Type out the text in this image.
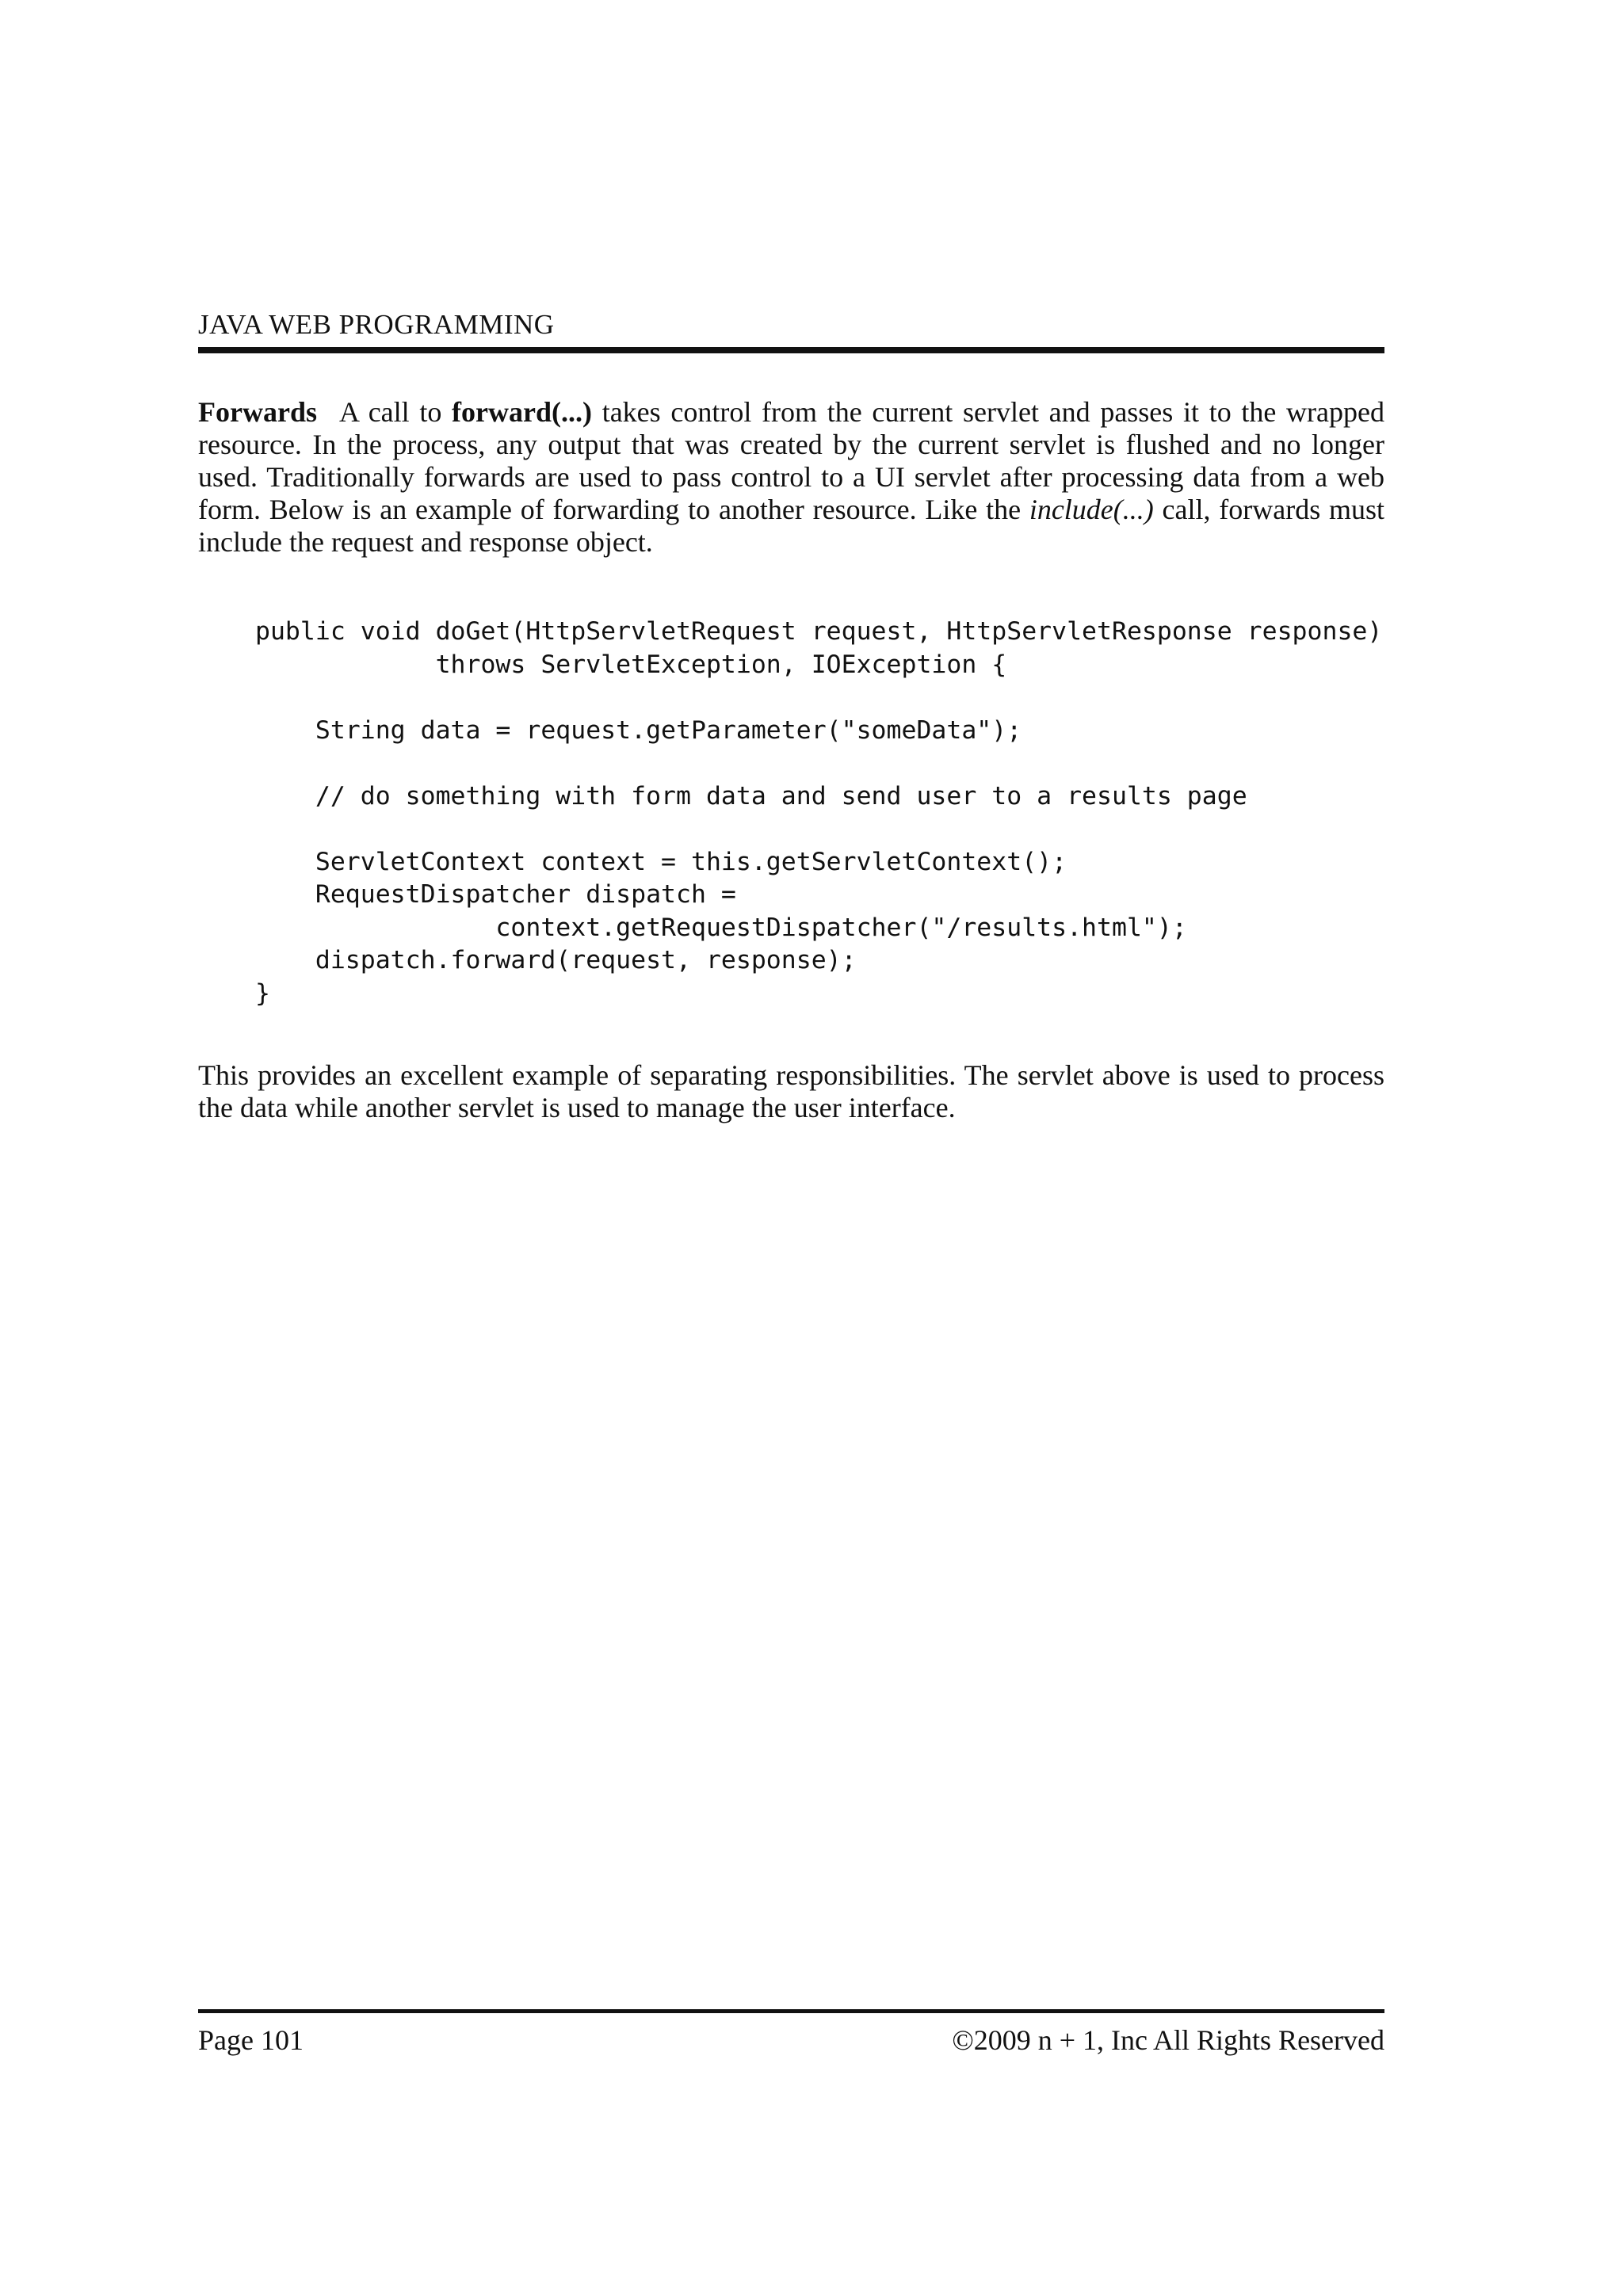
JAVA WEB PROGRAMMING

Forwards A call to forward(...) takes control from the current servlet and passes it to the wrapped resource. In the process, any output that was created by the current servlet is flushed and no longer used. Traditionally forwards are used to pass control to a UI servlet after processing data from a web form. Below is an example of forwarding to another resource. Like the include(...) call, forwards must include the request and response object.

public void doGet(HttpServletRequest request, HttpServletResponse response)
throws ServletException, IOException {
String data = request.getParameter("someData");
// do something with form data and send user to a results page
ServletContext context = this.getServletContext();
RequestDispatcher dispatch =
context.getRequestDispatcher("/results.html");
dispatch.forward(request, response);
}

This provides an excellent example of separating responsibilities. The servlet above is used to process the data while another servlet is used to manage the user interface.

Page 101	©2009 n + 1, Inc All Rights Reserved
